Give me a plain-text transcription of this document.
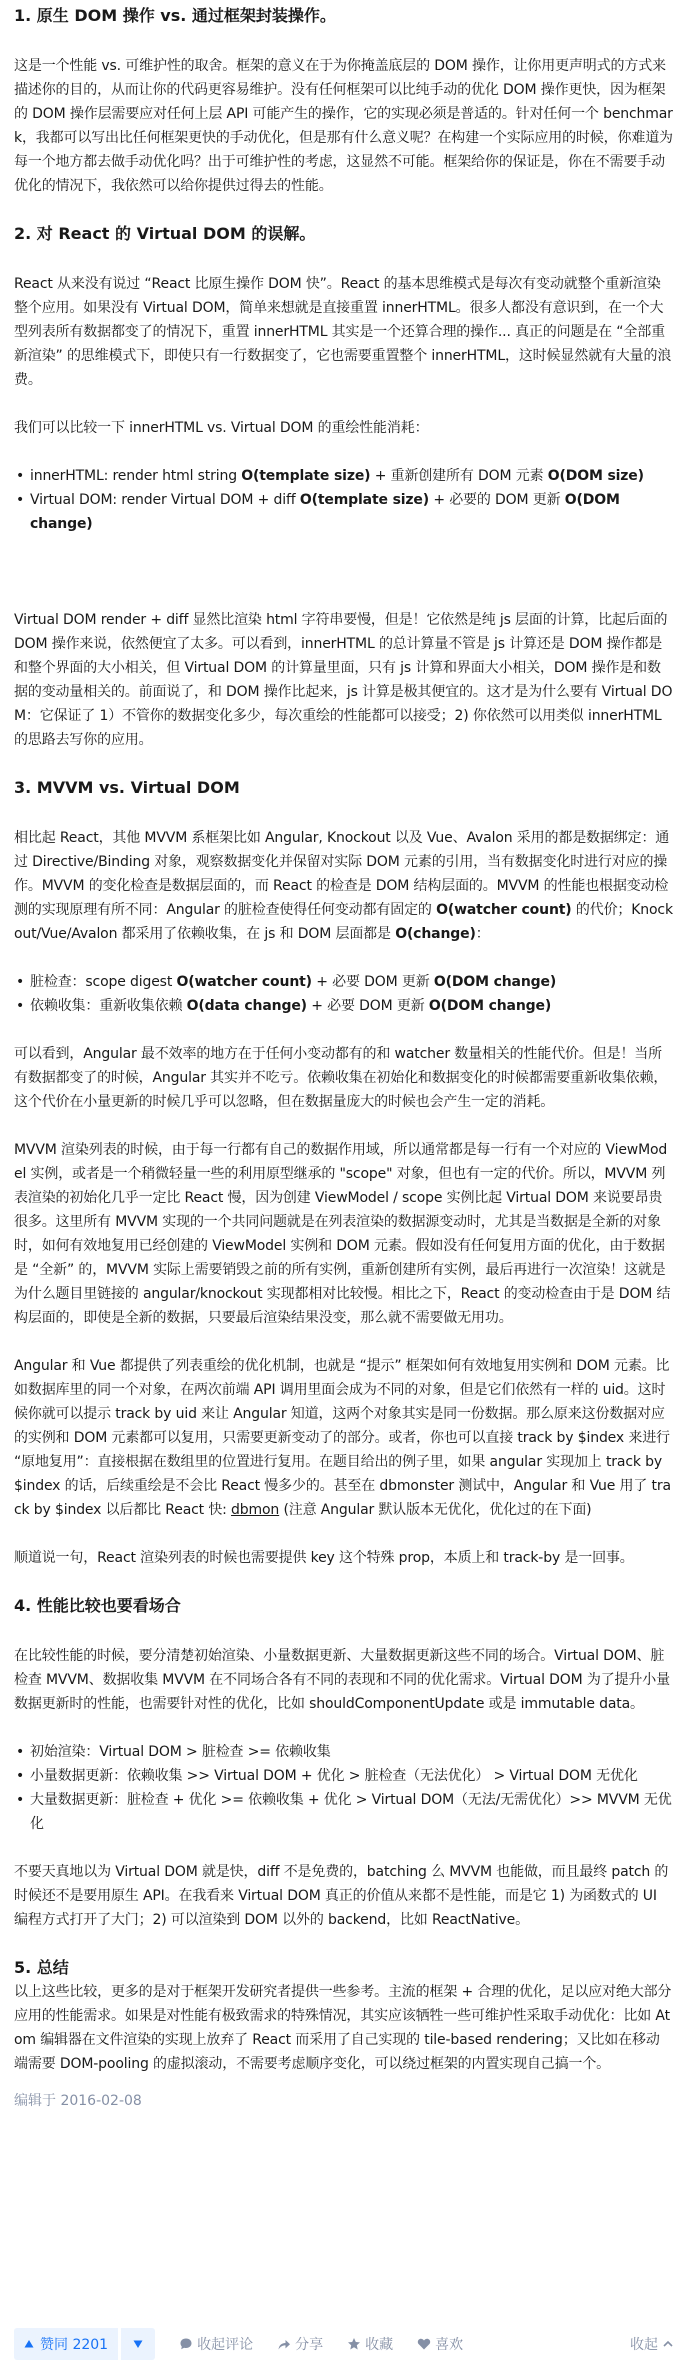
1. 原生 DOM 操作 vs. 通过框架封装操作。

这是一个性能 vs. 可维护性的取舍。框架的意义在于为你掩盖底层的 DOM 操作，让你用更声明式的方式来描述你的目的，从而让你的代码更容易维护。没有任何框架可以比纯手动的优化 DOM 操作更快，因为框架的 DOM 操作层需要应对任何上层 API 可能产生的操作，它的实现必须是普适的。针对任何一个 benchmark，我都可以写出比任何框架更快的手动优化，但是那有什么意义呢？在构建一个实际应用的时候，你难道为每一个地方都去做手动优化吗？出于可维护性的考虑，这显然不可能。框架给你的保证是，你在不需要手动优化的情况下，我依然可以给你提供过得去的性能。

2. 对 React 的 Virtual DOM 的误解。

React 从来没有说过 “React 比原生操作 DOM 快”。React 的基本思维模式是每次有变动就整个重新渲染整个应用。如果没有 Virtual DOM，简单来想就是直接重置 innerHTML。很多人都没有意识到，在一个大型列表所有数据都变了的情况下，重置 innerHTML 其实是一个还算合理的操作... 真正的问题是在 “全部重新渲染” 的思维模式下，即使只有一行数据变了，它也需要重置整个 innerHTML，这时候显然就有大量的浪费。

我们可以比较一下 innerHTML vs. Virtual DOM 的重绘性能消耗：

• innerHTML: render html string O(template size) + 重新创建所有 DOM 元素 O(DOM size)
• Virtual DOM: render Virtual DOM + diff O(template size) + 必要的 DOM 更新 O(DOM change)

Virtual DOM render + diff 显然比渲染 html 字符串要慢，但是！它依然是纯 js 层面的计算，比起后面的 DOM 操作来说，依然便宜了太多。可以看到，innerHTML 的总计算量不管是 js 计算还是 DOM 操作都是和整个界面的大小相关，但 Virtual DOM 的计算量里面，只有 js 计算和界面大小相关，DOM 操作是和数据的变动量相关的。前面说了，和 DOM 操作比起来，js 计算是极其便宜的。这才是为什么要有 Virtual DOM：它保证了 1）不管你的数据变化多少，每次重绘的性能都可以接受；2) 你依然可以用类似 innerHTML 的思路去写你的应用。

3. MVVM vs. Virtual DOM

相比起 React，其他 MVVM 系框架比如 Angular, Knockout 以及 Vue、Avalon 采用的都是数据绑定：通过 Directive/Binding 对象，观察数据变化并保留对实际 DOM 元素的引用，当有数据变化时进行对应的操作。MVVM 的变化检查是数据层面的，而 React 的检查是 DOM 结构层面的。MVVM 的性能也根据变动检测的实现原理有所不同：Angular 的脏检查使得任何变动都有固定的 O(watcher count) 的代价；Knockout/Vue/Avalon 都采用了依赖收集，在 js 和 DOM 层面都是 O(change)：

• 脏检查：scope digest O(watcher count) + 必要 DOM 更新 O(DOM change)
• 依赖收集：重新收集依赖 O(data change) + 必要 DOM 更新 O(DOM change)

可以看到，Angular 最不效率的地方在于任何小变动都有的和 watcher 数量相关的性能代价。但是！当所有数据都变了的时候，Angular 其实并不吃亏。依赖收集在初始化和数据变化的时候都需要重新收集依赖，这个代价在小量更新的时候几乎可以忽略，但在数据量庞大的时候也会产生一定的消耗。

MVVM 渲染列表的时候，由于每一行都有自己的数据作用域，所以通常都是每一行有一个对应的 ViewModel 实例，或者是一个稍微轻量一些的利用原型继承的 "scope" 对象，但也有一定的代价。所以，MVVM 列表渲染的初始化几乎一定比 React 慢，因为创建 ViewModel / scope 实例比起 Virtual DOM 来说要昂贵很多。这里所有 MVVM 实现的一个共同问题就是在列表渲染的数据源变动时，尤其是当数据是全新的对象时，如何有效地复用已经创建的 ViewModel 实例和 DOM 元素。假如没有任何复用方面的优化，由于数据是 “全新” 的，MVVM 实际上需要销毁之前的所有实例，重新创建所有实例，最后再进行一次渲染！这就是为什么题目里链接的 angular/knockout 实现都相对比较慢。相比之下，React 的变动检查由于是 DOM 结构层面的，即使是全新的数据，只要最后渲染结果没变，那么就不需要做无用功。

Angular 和 Vue 都提供了列表重绘的优化机制，也就是 “提示” 框架如何有效地复用实例和 DOM 元素。比如数据库里的同一个对象，在两次前端 API 调用里面会成为不同的对象，但是它们依然有一样的 uid。这时候你就可以提示 track by uid 来让 Angular 知道，这两个对象其实是同一份数据。那么原来这份数据对应的实例和 DOM 元素都可以复用，只需要更新变动了的部分。或者，你也可以直接 track by $index 来进行 “原地复用”：直接根据在数组里的位置进行复用。在题目给出的例子里，如果 angular 实现加上 track by $index 的话，后续重绘是不会比 React 慢多少的。甚至在 dbmonster 测试中，Angular 和 Vue 用了 track by $index 以后都比 React 快: dbmon (注意 Angular 默认版本无优化，优化过的在下面)

顺道说一句，React 渲染列表的时候也需要提供 key 这个特殊 prop，本质上和 track-by 是一回事。

4. 性能比较也要看场合

在比较性能的时候，要分清楚初始渲染、小量数据更新、大量数据更新这些不同的场合。Virtual DOM、脏检查 MVVM、数据收集 MVVM 在不同场合各有不同的表现和不同的优化需求。Virtual DOM 为了提升小量数据更新时的性能，也需要针对性的优化，比如 shouldComponentUpdate 或是 immutable data。

• 初始渲染：Virtual DOM > 脏检查 >= 依赖收集
• 小量数据更新：依赖收集 >> Virtual DOM + 优化 > 脏检查（无法优化） > Virtual DOM 无优化
• 大量数据更新：脏检查 + 优化 >= 依赖收集 + 优化 > Virtual DOM（无法/无需优化）>> MVVM 无优化

不要天真地以为 Virtual DOM 就是快，diff 不是免费的，batching 么 MVVM 也能做，而且最终 patch 的时候还不是要用原生 API。在我看来 Virtual DOM 真正的价值从来都不是性能，而是它 1) 为函数式的 UI 编程方式打开了大门；2) 可以渲染到 DOM 以外的 backend，比如 ReactNative。

5. 总结

以上这些比较，更多的是对于框架开发研究者提供一些参考。主流的框架 + 合理的优化，足以应对绝大部分应用的性能需求。如果是对性能有极致需求的特殊情况，其实应该牺牲一些可维护性采取手动优化：比如 Atom 编辑器在文件渲染的实现上放弃了 React 而采用了自己实现的 tile-based rendering；又比如在移动端需要 DOM-pooling 的虚拟滚动，不需要考虑顺序变化，可以绕过框架的内置实现自己搞一个。

编辑于 2016-02-08
赞同 2201	收起评论	分享	收藏	喜欢	收起
